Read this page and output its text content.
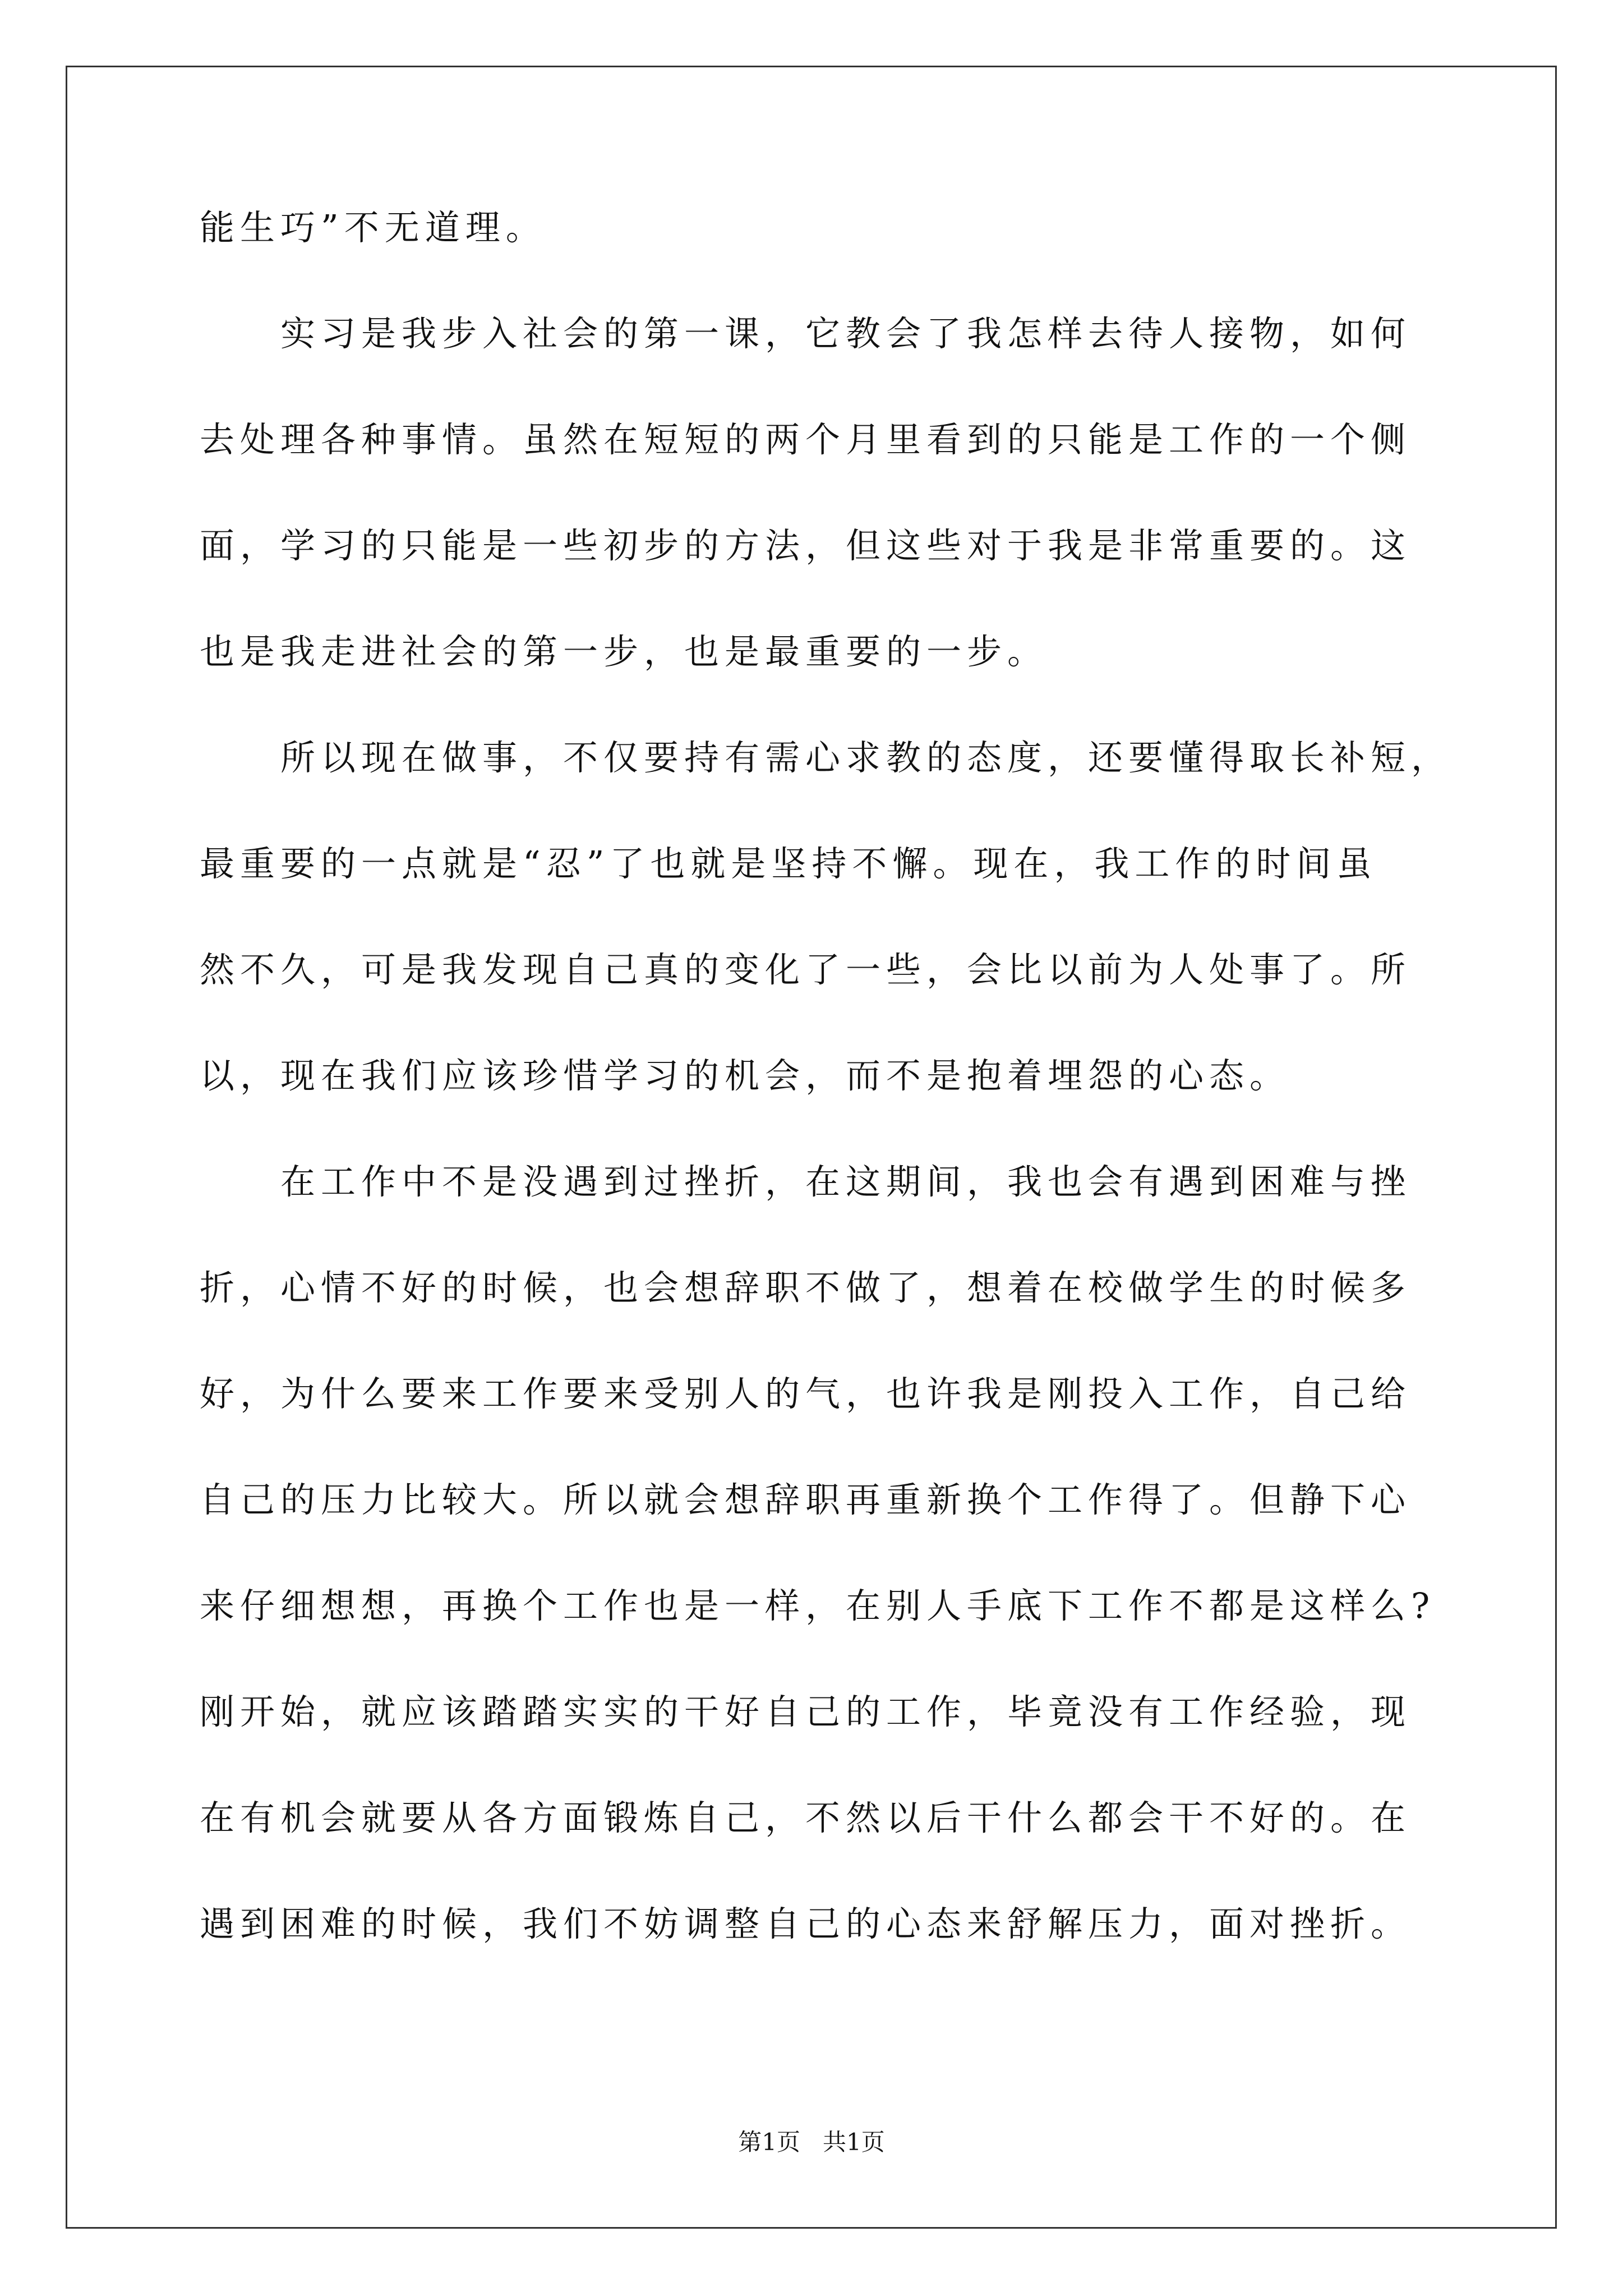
能生巧”不无道理。
实习是我步入社会的第一课，它教会了我怎样去待人接物，如何
去处理各种事情。虽然在短短的两个月里看到的只能是工作的一个侧
面，学习的只能是一些初步的方法，但这些对于我是非常重要的。这
也是我走进社会的第一步，也是最重要的一步。
所以现在做事，不仅要持有需心求教的态度，还要懂得取长补短，
最重要的一点就是“忍”了也就是坚持不懈。现在，我工作的时间虽
然不久，可是我发现自己真的变化了一些，会比以前为人处事了。所
以，现在我们应该珍惜学习的机会，而不是抱着埋怨的心态。
在工作中不是没遇到过挫折，在这期间，我也会有遇到困难与挫
折，心情不好的时候，也会想辞职不做了，想着在校做学生的时候多
好，为什么要来工作要来受别人的气，也许我是刚投入工作，自己给
自己的压力比较大。所以就会想辞职再重新换个工作得了。但静下心
来仔细想想，再换个工作也是一样，在别人手底下工作不都是这样么?
刚开始，就应该踏踏实实的干好自己的工作，毕竟没有工作经验，现
在有机会就要从各方面锻炼自己，不然以后干什么都会干不好的。在
遇到困难的时候，我们不妨调整自己的心态来舒解压力，面对挫折。
第1页   共1页
